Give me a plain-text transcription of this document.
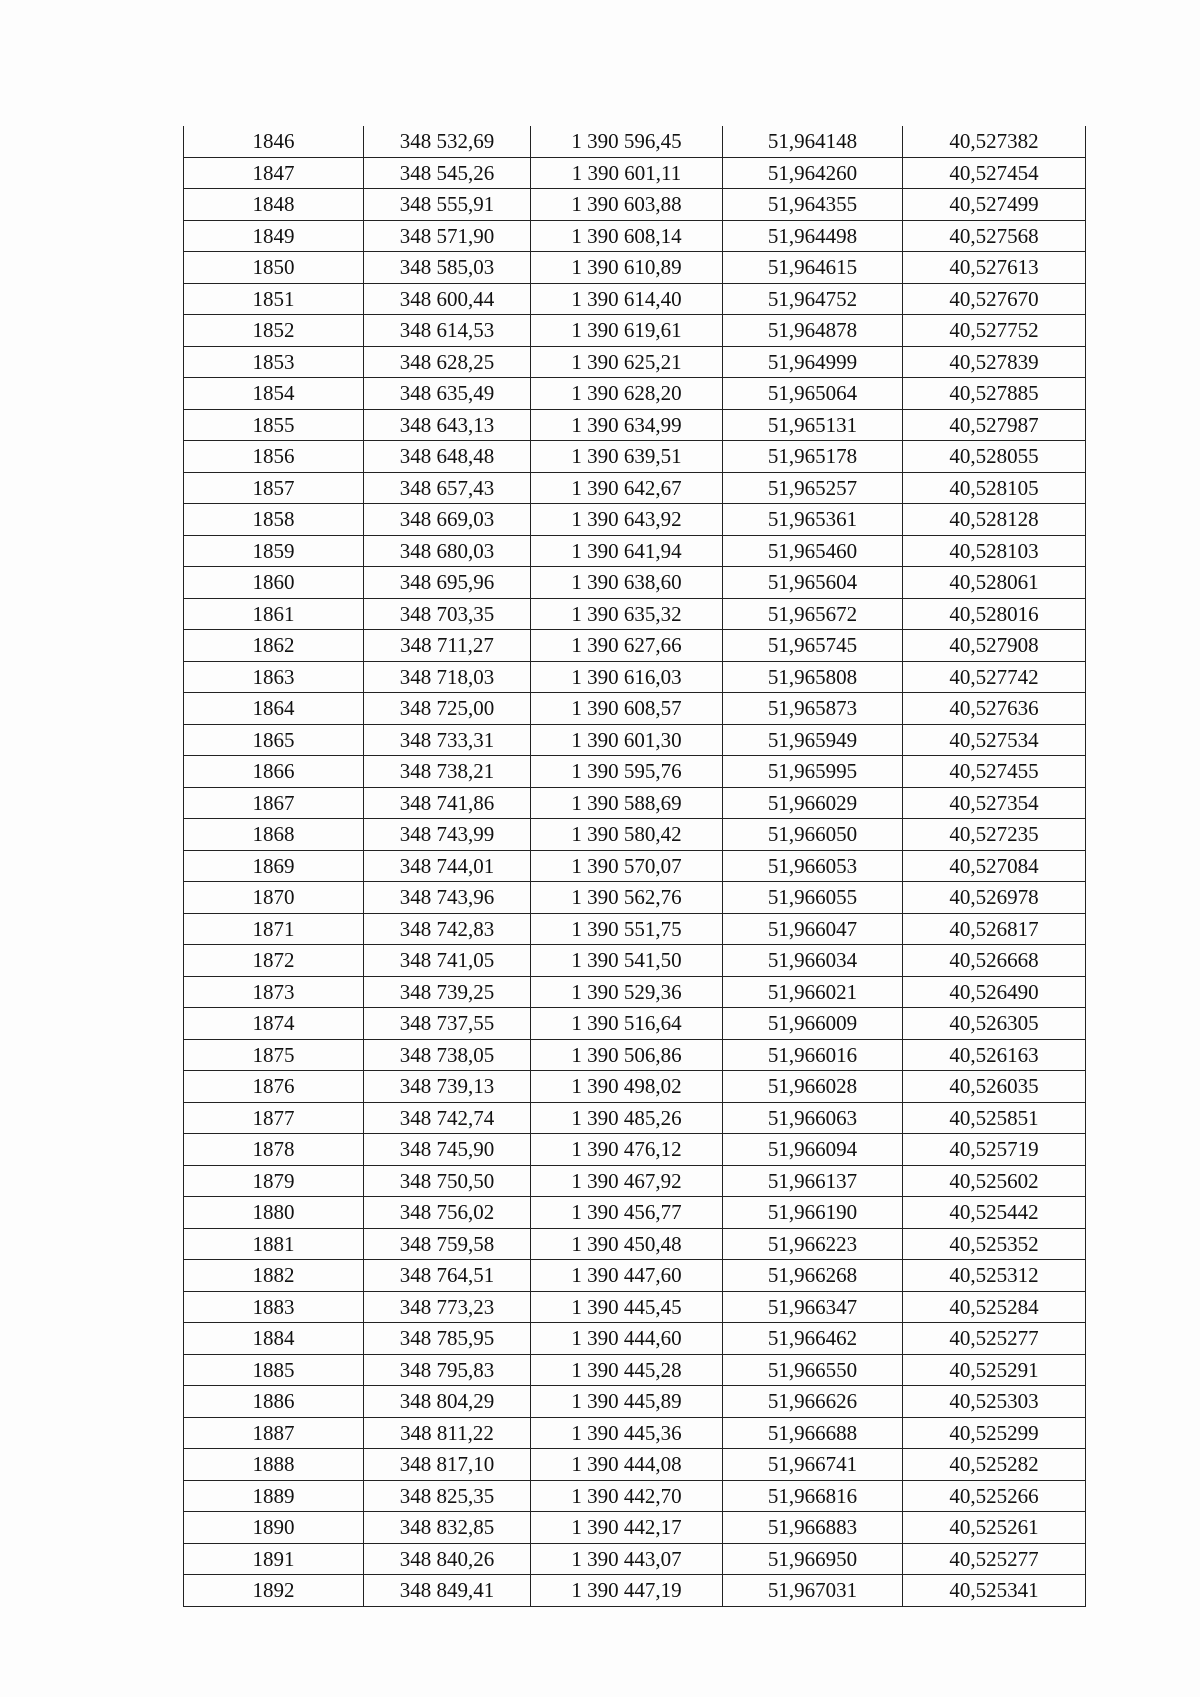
1846	348 532,69	1 390 596,45	51,964148	40,527382
1847	348 545,26	1 390 601,11	51,964260	40,527454
1848	348 555,91	1 390 603,88	51,964355	40,527499
1849	348 571,90	1 390 608,14	51,964498	40,527568
1850	348 585,03	1 390 610,89	51,964615	40,527613
1851	348 600,44	1 390 614,40	51,964752	40,527670
1852	348 614,53	1 390 619,61	51,964878	40,527752
1853	348 628,25	1 390 625,21	51,964999	40,527839
1854	348 635,49	1 390 628,20	51,965064	40,527885
1855	348 643,13	1 390 634,99	51,965131	40,527987
1856	348 648,48	1 390 639,51	51,965178	40,528055
1857	348 657,43	1 390 642,67	51,965257	40,528105
1858	348 669,03	1 390 643,92	51,965361	40,528128
1859	348 680,03	1 390 641,94	51,965460	40,528103
1860	348 695,96	1 390 638,60	51,965604	40,528061
1861	348 703,35	1 390 635,32	51,965672	40,528016
1862	348 711,27	1 390 627,66	51,965745	40,527908
1863	348 718,03	1 390 616,03	51,965808	40,527742
1864	348 725,00	1 390 608,57	51,965873	40,527636
1865	348 733,31	1 390 601,30	51,965949	40,527534
1866	348 738,21	1 390 595,76	51,965995	40,527455
1867	348 741,86	1 390 588,69	51,966029	40,527354
1868	348 743,99	1 390 580,42	51,966050	40,527235
1869	348 744,01	1 390 570,07	51,966053	40,527084
1870	348 743,96	1 390 562,76	51,966055	40,526978
1871	348 742,83	1 390 551,75	51,966047	40,526817
1872	348 741,05	1 390 541,50	51,966034	40,526668
1873	348 739,25	1 390 529,36	51,966021	40,526490
1874	348 737,55	1 390 516,64	51,966009	40,526305
1875	348 738,05	1 390 506,86	51,966016	40,526163
1876	348 739,13	1 390 498,02	51,966028	40,526035
1877	348 742,74	1 390 485,26	51,966063	40,525851
1878	348 745,90	1 390 476,12	51,966094	40,525719
1879	348 750,50	1 390 467,92	51,966137	40,525602
1880	348 756,02	1 390 456,77	51,966190	40,525442
1881	348 759,58	1 390 450,48	51,966223	40,525352
1882	348 764,51	1 390 447,60	51,966268	40,525312
1883	348 773,23	1 390 445,45	51,966347	40,525284
1884	348 785,95	1 390 444,60	51,966462	40,525277
1885	348 795,83	1 390 445,28	51,966550	40,525291
1886	348 804,29	1 390 445,89	51,966626	40,525303
1887	348 811,22	1 390 445,36	51,966688	40,525299
1888	348 817,10	1 390 444,08	51,966741	40,525282
1889	348 825,35	1 390 442,70	51,966816	40,525266
1890	348 832,85	1 390 442,17	51,966883	40,525261
1891	348 840,26	1 390 443,07	51,966950	40,525277
1892	348 849,41	1 390 447,19	51,967031	40,525341
